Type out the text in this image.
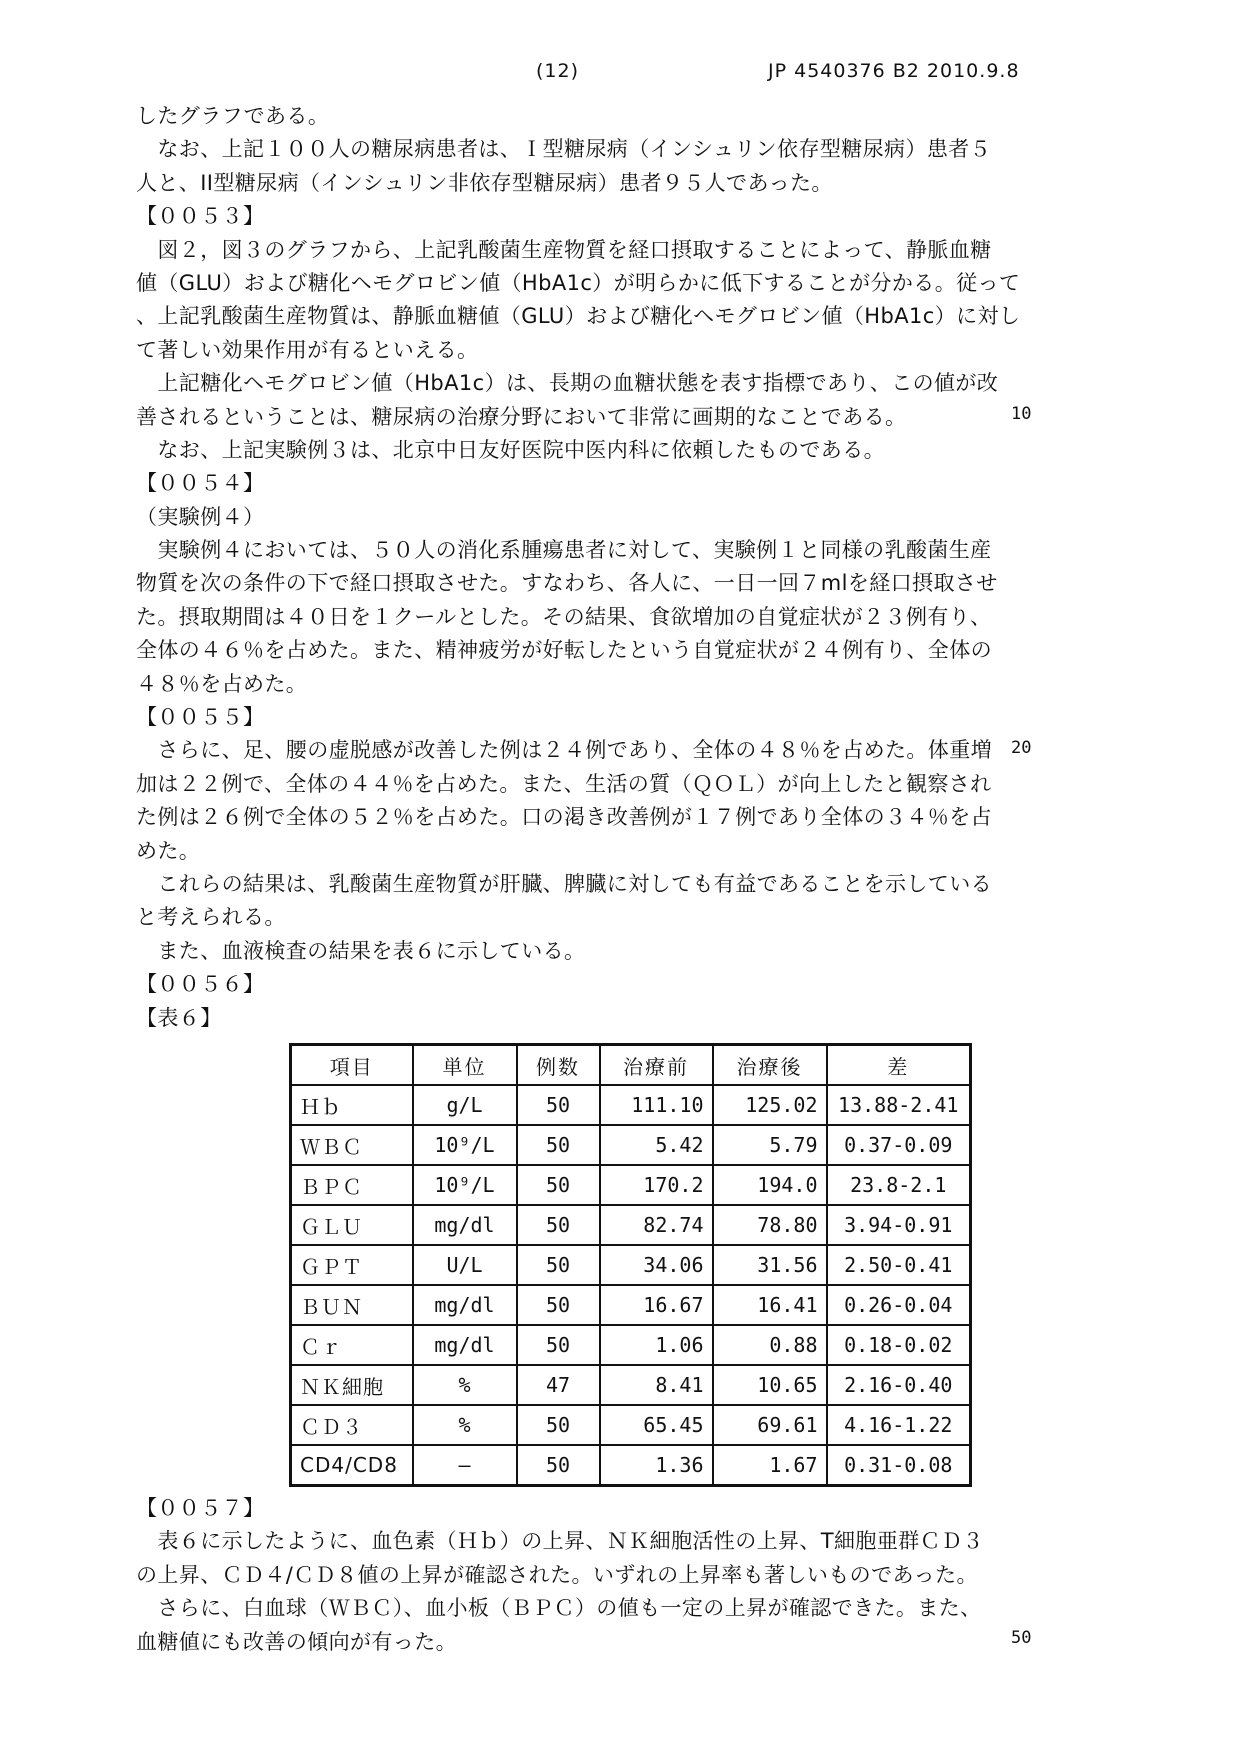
(12)	JP 4540376 B2 2010.9.8
したグラフである。
　なお、上記１００人の糖尿病患者は、Ｉ型糖尿病（インシュリン依存型糖尿病）患者５
人と、II型糖尿病（インシュリン非依存型糖尿病）患者９５人であった。
【００５３】
　図２，図３のグラフから、上記乳酸菌生産物質を経口摂取することによって、静脈血糖
値（GLU）および糖化ヘモグロビン値（HbA1c）が明らかに低下することが分かる。従って
、上記乳酸菌生産物質は、静脈血糖値（GLU）および糖化ヘモグロビン値（HbA1c）に対し
て著しい効果作用が有るといえる。
　上記糖化ヘモグロビン値（HbA1c）は、長期の血糖状態を表す指標であり、この値が改
善されるということは、糖尿病の治療分野において非常に画期的なことである。
　なお、上記実験例３は、北京中日友好医院中医内科に依頼したものである。
【００５４】
（実験例４）
　実験例４においては、５０人の消化系腫瘍患者に対して、実験例１と同様の乳酸菌生産
物質を次の条件の下で経口摂取させた。すなわち、各人に、一日一回７mlを経口摂取させ
た。摂取期間は４０日を１クールとした。その結果、食欲増加の自覚症状が２３例有り、
全体の４６％を占めた。また、精神疲労が好転したという自覚症状が２４例有り、全体の
４８％を占めた。
【００５５】
　さらに、足、腰の虚脱感が改善した例は２４例であり、全体の４８％を占めた。体重増
加は２２例で、全体の４４％を占めた。また、生活の質（ＱＯＬ）が向上したと観察され
た例は２６例で全体の５２％を占めた。口の渇き改善例が１７例であり全体の３４％を占
めた。
　これらの結果は、乳酸菌生産物質が肝臓、脾臓に対しても有益であることを示している
と考えられる。
　また、血液検査の結果を表６に示している。
【００５６】
【表６】
項目	単位	例数	治療前	治療後	差
Ｈｂ	g/L	50	111.10	125.02	13.88-2.41
ＷＢＣ	10⁹/L	50	5.42	5.79	0.37-0.09
ＢＰＣ	10⁹/L	50	170.2	194.0	23.8-2.1
ＧＬＵ	mg/dl	50	82.74	78.80	3.94-0.91
ＧＰＴ	U/L	50	34.06	31.56	2.50-0.41
ＢＵＮ	mg/dl	50	16.67	16.41	0.26-0.04
Ｃｒ	mg/dl	50	1.06	0.88	0.18-0.02
ＮＫ細胞	%	47	8.41	10.65	2.16-0.40
ＣＤ３	%	50	65.45	69.61	4.16-1.22
CD4/CD8	—	50	1.36	1.67	0.31-0.08
【００５７】
　表６に示したように、血色素（Ｈｂ）の上昇、ＮＫ細胞活性の上昇、T細胞亜群ＣＤ３
の上昇、ＣＤ４/ＣＤ８値の上昇が確認された。いずれの上昇率も著しいものであった。
　さらに、白血球（ＷＢＣ）、血小板（ＢＰＣ）の値も一定の上昇が確認できた。また、
血糖値にも改善の傾向が有った。
10
20
50
